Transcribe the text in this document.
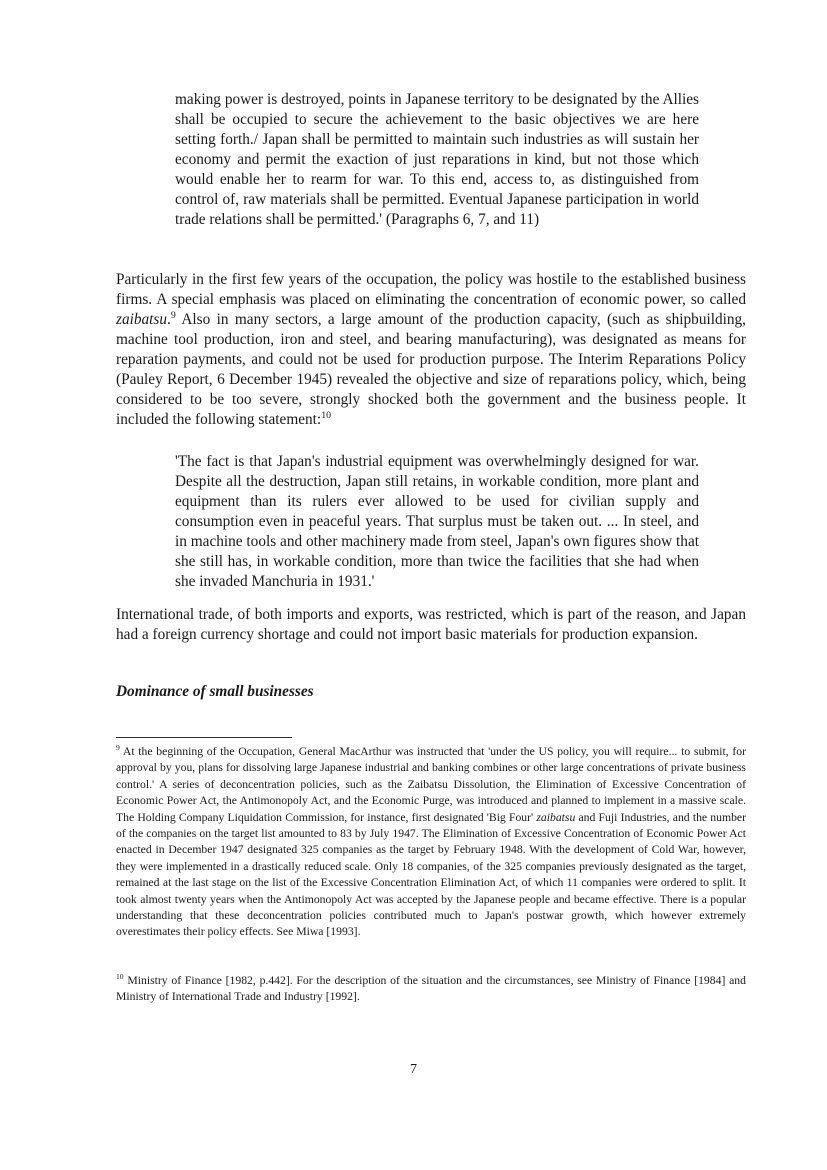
making power is destroyed, points in Japanese territory to be designated by the Allies shall be occupied to secure the achievement to the basic objectives we are here setting forth./ Japan shall be permitted to maintain such industries as will sustain her economy and permit the exaction of just reparations in kind, but not those which would enable her to rearm for war. To this end, access to, as distinguished from control of, raw materials shall be permitted. Eventual Japanese participation in world trade relations shall be permitted.' (Paragraphs 6, 7, and 11)

Particularly in the first few years of the occupation, the policy was hostile to the established business firms. A special emphasis was placed on eliminating the concentration of economic power, so called zaibatsu.$^9$ Also in many sectors, a large amount of the production capacity, (such as shipbuilding, machine tool production, iron and steel, and bearing manufacturing), was designated as means for reparation payments, and could not be used for production purpose. The Interim Reparations Policy (Pauley Report, 6 December 1945) revealed the objective and size of reparations policy, which, being considered to be too severe, strongly shocked both the government and the business people. It included the following statement:$^{10}$

'The fact is that Japan's industrial equipment was overwhelmingly designed for war. Despite all the destruction, Japan still retains, in workable condition, more plant and equipment than its rulers ever allowed to be used for civilian supply and consumption even in peaceful years. That surplus must be taken out. ... In steel, and in machine tools and other machinery made from steel, Japan's own figures show that she still has, in workable condition, more than twice the facilities that she had when she invaded Manchuria in 1931.'

International trade, of both imports and exports, was restricted, which is part of the reason, and Japan had a foreign currency shortage and could not import basic materials for production expansion.

Dominance of small businesses

$^9$ At the beginning of the Occupation, General MacArthur was instructed that 'under the US policy, you will require... to submit, for approval by you, plans for dissolving large Japanese industrial and banking combines or other large concentrations of private business control.' A series of deconcentration policies, such as the Zaibatsu Dissolution, the Elimination of Excessive Concentration of Economic Power Act, the Antimonopoly Act, and the Economic Purge, was introduced and planned to implement in a massive scale. The Holding Company Liquidation Commission, for instance, first designated 'Big Four' zaibatsu and Fuji Industries, and the number of the companies on the target list amounted to 83 by July 1947. The Elimination of Excessive Concentration of Economic Power Act enacted in December 1947 designated 325 companies as the target by February 1948. With the development of Cold War, however, they were implemented in a drastically reduced scale. Only 18 companies, of the 325 companies previously designated as the target, remained at the last stage on the list of the Excessive Concentration Elimination Act, of which 11 companies were ordered to split. It took almost twenty years when the Antimonopoly Act was accepted by the Japanese people and became effective. There is a popular understanding that these deconcentration policies contributed much to Japan's postwar growth, which however extremely overestimates their policy effects. See Miwa [1993].

$^{10}$ Ministry of Finance [1982, p.442]. For the description of the situation and the circumstances, see Ministry of Finance [1984] and Ministry of International Trade and Industry [1992].

7
